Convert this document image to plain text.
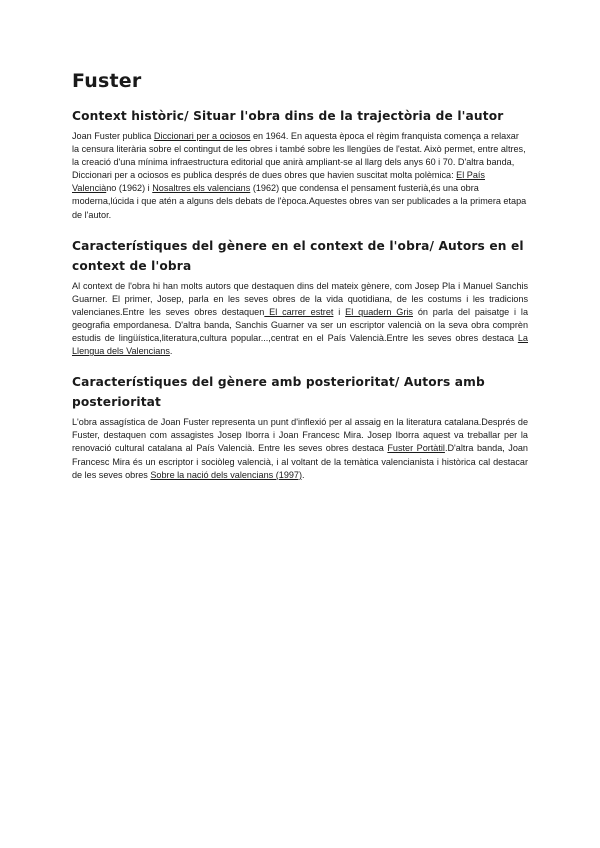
Fuster
Context històric/ Situar l'obra dins de la trajectòria de l'autor

Joan Fuster publica Diccionari per a ociosos en 1964. En aquesta època el règim franquista comença a relaxar la censura literària sobre el contingut de les obres i també sobre les llengües de l'estat. Això permet, entre altres, la creació d'una mínima infraestructura editorial que anirà ampliant-se al llarg dels anys 60 i 70. D'altra banda, Diccionari per a ociosos es publica després de dues obres que havien suscitat molta polèmica: El País Valenciàno (1962) i Nosaltres els valencians (1962) que condensa el pensament fusterià,és una obra moderna,lúcida i que atén a alguns dels debats de l'època.Aquestes obres van ser publicades a la primera etapa de l'autor.

Característiques del gènere en el context de l'obra/ Autors en el context de l'obra

Al context de l'obra hi han molts autors que destaquen dins del mateix gènere, com Josep Pla i Manuel Sanchis Guarner. El primer, Josep, parla en les seves obres de la vida quotidiana, de les costums i les tradicions valencianes.Entre les seves obres destaquen El carrer estret i El quadern Gris ón parla del paisatge i la geografia empordanesa. D'altra banda, Sanchis Guarner va ser un escriptor valencià on la seva obra comprèn estudis de lingüística,literatura,cultura popular...,centrat en el País Valencià.Entre les seves obres destaca La Llengua dels Valencians.

Característiques del gènere amb posterioritat/ Autors amb posterioritat

L'obra assagística de Joan Fuster representa un punt d'inflexió per al assaig en la literatura catalana.Després de Fuster, destaquen com assagistes Josep Iborra i Joan Francesc Mira. Josep Iborra aquest va treballar per la renovació cultural catalana al País Valencià. Entre les seves obres destaca Fuster Portàtil.D'altra banda, Joan Francesc Mira és un escriptor i sociòleg valencià, i al voltant de la temàtica valencianista i històrica cal destacar de les seves obres Sobre la nació dels valencians (1997).
